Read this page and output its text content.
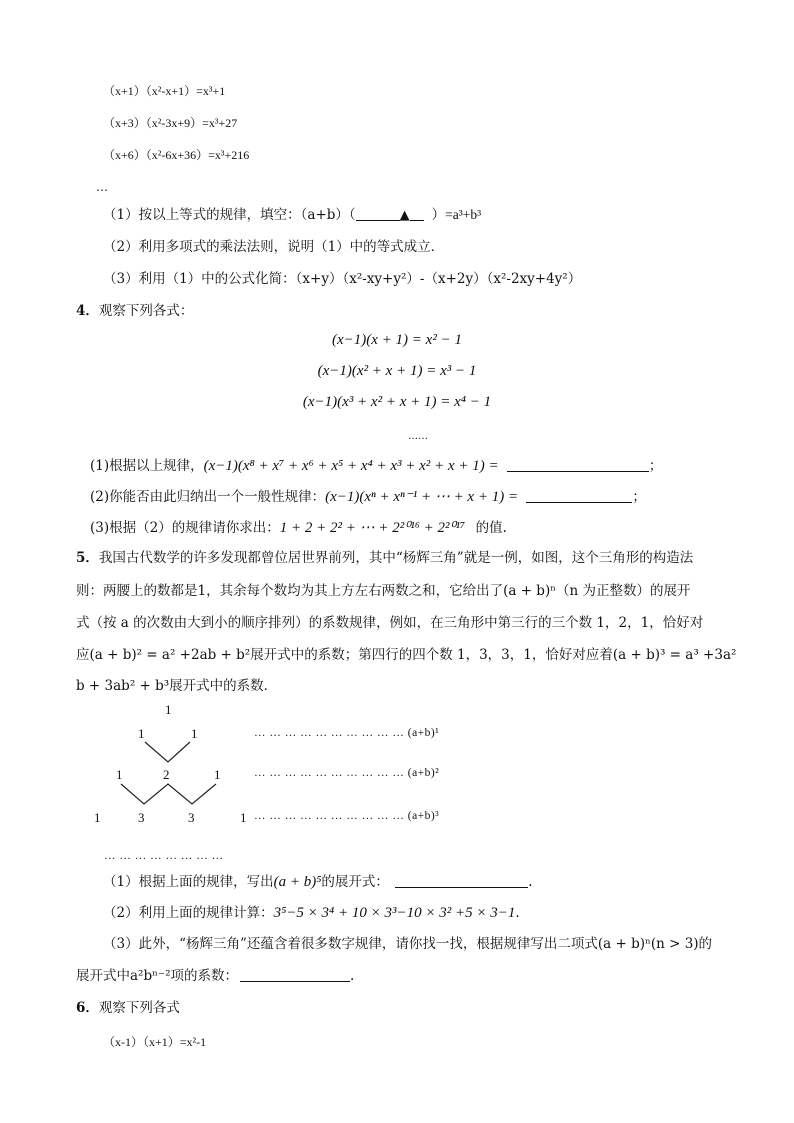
（x+1）（x²-x+1）=x³+1
（x+3）（x²-3x+9）=x³+27
（x+6）（x²-6x+36）=x³+216
…
（1）按以上等式的规律，填空：（a+b）（	▲ ）=a³+b³
（2）利用多项式的乘法法则，说明（1）中的等式成立．
（3）利用（1）中的公式化简：（x+y）（x²-xy+y²）-（x+2y）（x²-2xy+4y²）
4．观察下列各式：
(x−1)(x + 1) = x² − 1
(x−1)(x² + x + 1) = x³ − 1
(x−1)(x³ + x² + x + 1) = x⁴ − 1
……
(1)根据以上规律，(x−1)(x⁸ + x⁷ + x⁶ + x⁵ + x⁴ + x³ + x² + x + 1) =	；
(2)你能否由此归纳出一个一般性规律：(x−1)(xⁿ + xⁿ⁻¹ + ⋯ + x + 1) =	；
(3)根据（2）的规律请你求出：1 + 2 + 2² + ⋯ + 2²⁰¹⁶ + 2²⁰¹⁷ 的值.
5．我国古代数学的许多发现都曾位居世界前列，其中“杨辉三角”就是一例，如图，这个三角形的构造法
则：两腰上的数都是1，其余每个数均为其上方左右两数之和，它给出了(a + b)ⁿ（n 为正整数）的展开
式（按 a 的次数由大到小的顺序排列）的系数规律，例如，在三角形中第三行的三个数 1，2，1，恰好对
应(a + b)² = a² +2ab + b²展开式中的系数；第四行的四个数 1，3，3，1，恰好对应着(a + b)³ = a³ +3a²
b + 3ab² + b³展开式中的系数．
1
1	1
1	2	1
1	3	3	1
… … … … … … … … … … (a+b)¹
… … … … … … … … … … (a+b)²
… … … … … … … … … … (a+b)³
… … … … … … … …
（1）根据上面的规律，写出(a + b)⁵的展开式：	.
（2）利用上面的规律计算：3⁵−5 × 3⁴ + 10 × 3³−10 × 3² +5 × 3−1.
（3）此外，“杨辉三角”还蕴含着很多数字规律，请你找一找，根据规律写出二项式(a + b)ⁿ(n > 3)的
展开式中a²bⁿ⁻²项的系数：	.
6．观察下列各式
（x-1）（x+1）=x²-1
